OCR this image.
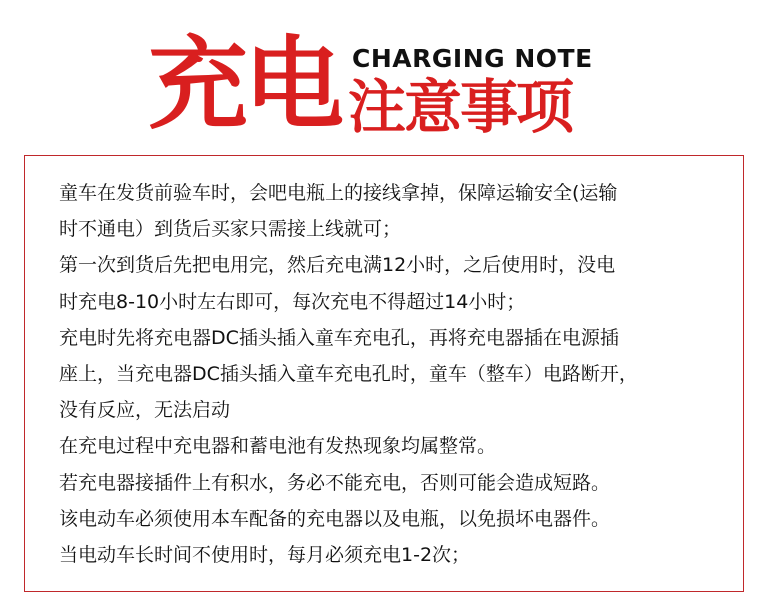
充电 CHARGING NOTE
注意事项
童车在发货前验车时，会吧电瓶上的接线拿掉，保障运输安全(运输
时不通电）到货后买家只需接上线就可；
第一次到货后先把电用完，然后充电满12小时，之后使用时，没电
时充电8-10小时左右即可，每次充电不得超过14小时；
充电时先将充电器DC插头插入童车充电孔，再将充电器插在电源插
座上，当充电器DC插头插入童车充电孔时，童车（整车）电路断开，
没有反应，无法启动
在充电过程中充电器和蓄电池有发热现象均属整常。
若充电器接插件上有积水，务必不能充电，否则可能会造成短路。
该电动车必须使用本车配备的充电器以及电瓶，以免损坏电器件。
当电动车长时间不使用时，每月必须充电1-2次；
